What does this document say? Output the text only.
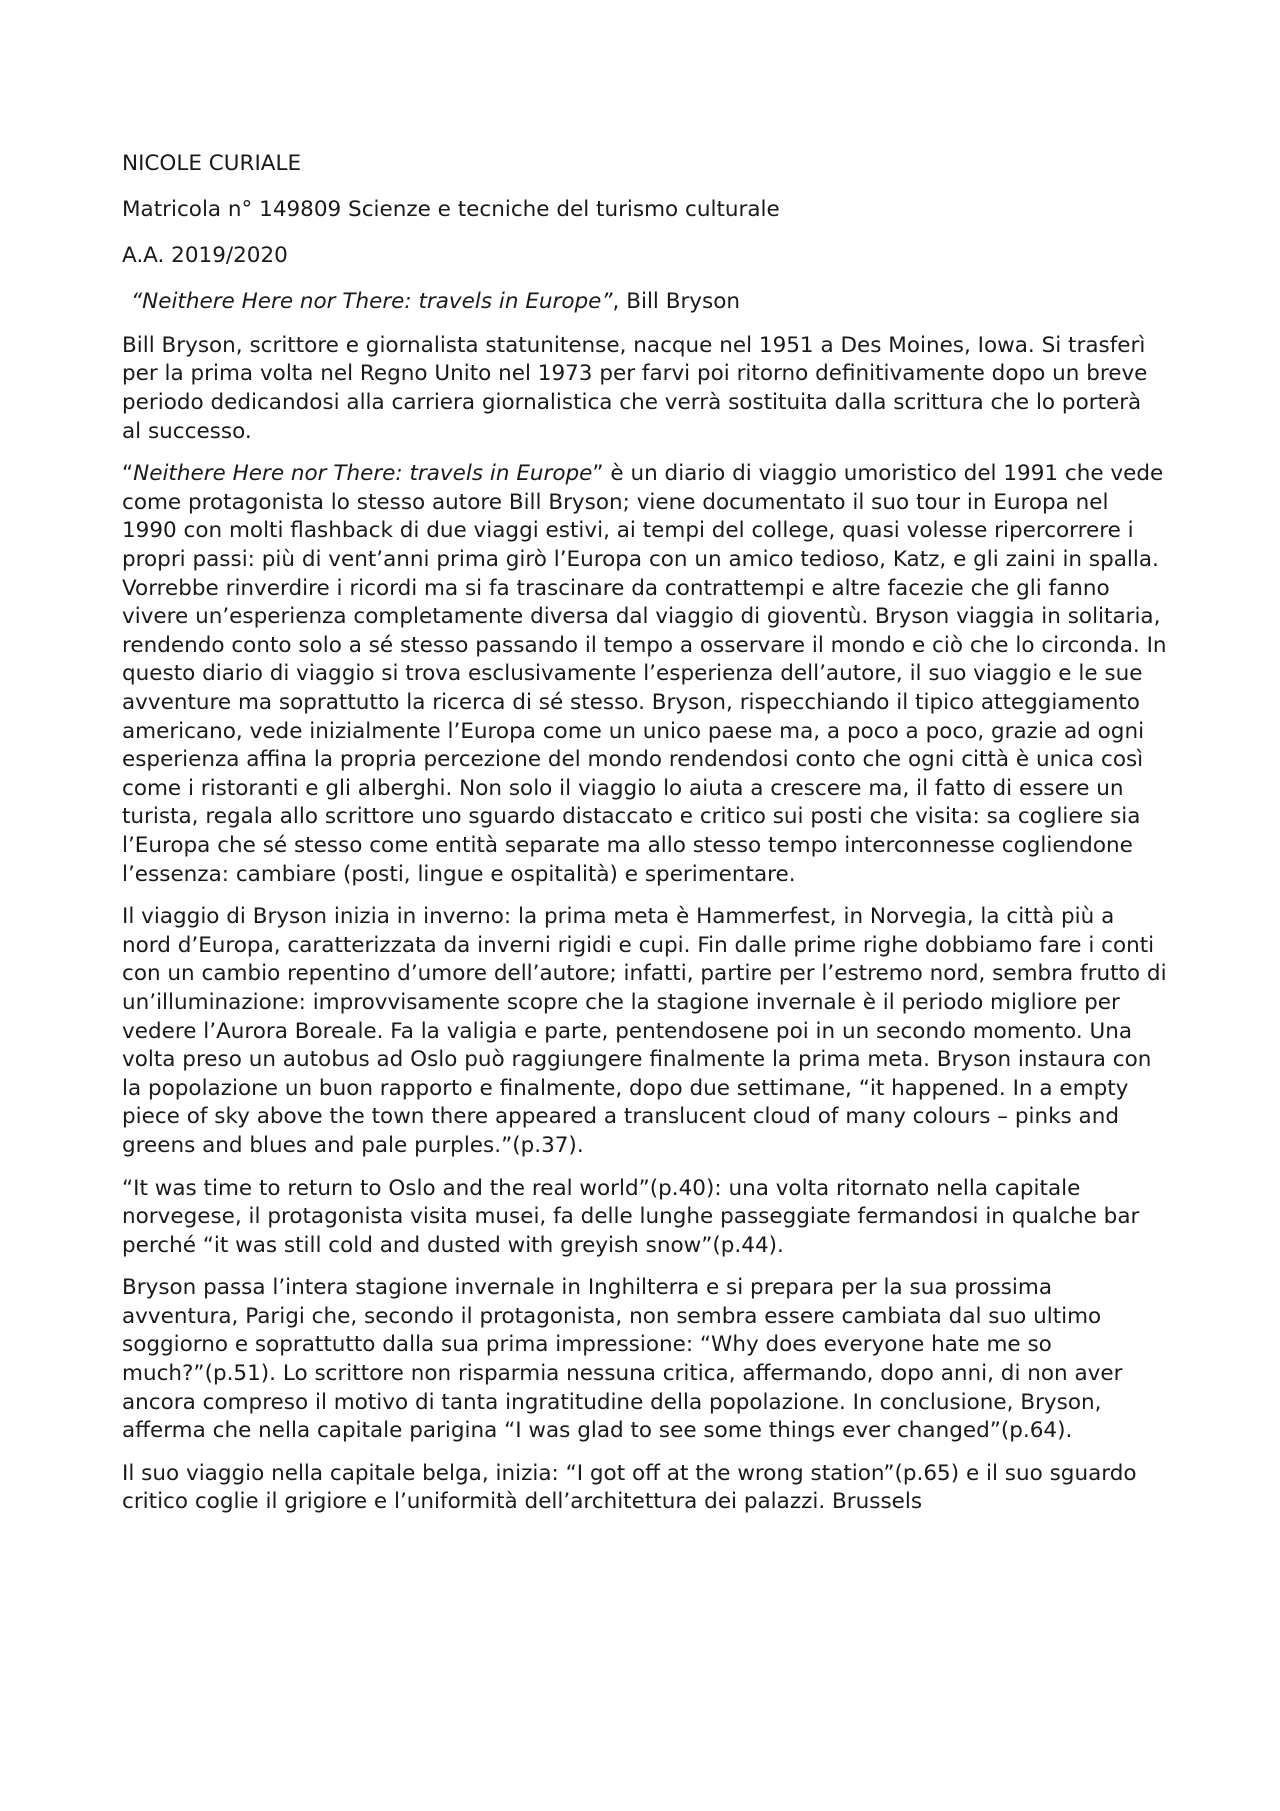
NICOLE CURIALE
Matricola n° 149809 Scienze e tecniche del turismo culturale
A.A. 2019/2020
“Neithere Here nor There: travels in Europe”, Bill Bryson

Bill Bryson, scrittore e giornalista statunitense, nacque nel 1951 a Des Moines, Iowa. Si trasferì per la prima volta nel Regno Unito nel 1973 per farvi poi ritorno definitivamente dopo un breve periodo dedicandosi alla carriera giornalistica che verrà sostituita dalla scrittura che lo porterà al successo.

“Neithere Here nor There: travels in Europe” è un diario di viaggio umoristico del 1991 che vede come protagonista lo stesso autore Bill Bryson; viene documentato il suo tour in Europa nel 1990 con molti flashback di due viaggi estivi, ai tempi del college, quasi volesse ripercorrere i propri passi: più di vent’anni prima girò l’Europa con un amico tedioso, Katz, e gli zaini in spalla. Vorrebbe rinverdire i ricordi ma si fa trascinare da contrattempi e altre facezie che gli fanno vivere un’esperienza completamente diversa dal viaggio di gioventù. Bryson viaggia in solitaria, rendendo conto solo a sé stesso passando il tempo a osservare il mondo e ciò che lo circonda. In questo diario di viaggio si trova esclusivamente l’esperienza dell’autore, il suo viaggio e le sue avventure ma soprattutto la ricerca di sé stesso. Bryson, rispecchiando il tipico atteggiamento americano, vede inizialmente l’Europa come un unico paese ma, a poco a poco, grazie ad ogni esperienza affina la propria percezione del mondo rendendosi conto che ogni città è unica così come i ristoranti e gli alberghi. Non solo il viaggio lo aiuta a crescere ma, il fatto di essere un turista, regala allo scrittore uno sguardo distaccato e critico sui posti che visita: sa cogliere sia l’Europa che sé stesso come entità separate ma allo stesso tempo interconnesse cogliendone l’essenza: cambiare (posti, lingue e ospitalità) e sperimentare.

Il viaggio di Bryson inizia in inverno: la prima meta è Hammerfest, in Norvegia, la città più a nord d’Europa, caratterizzata da inverni rigidi e cupi. Fin dalle prime righe dobbiamo fare i conti con un cambio repentino d’umore dell’autore; infatti, partire per l’estremo nord, sembra frutto di un’illuminazione: improvvisamente scopre che la stagione invernale è il periodo migliore per vedere l’Aurora Boreale. Fa la valigia e parte, pentendosene poi in un secondo momento. Una volta preso un autobus ad Oslo può raggiungere finalmente la prima meta. Bryson instaura con la popolazione un buon rapporto e finalmente, dopo due settimane, “it happened. In a empty piece of sky above the town there appeared a translucent cloud of many colours – pinks and greens and blues and pale purples.”(p.37).

“It was time to return to Oslo and the real world”(p.40): una volta ritornato nella capitale norvegese, il protagonista visita musei, fa delle lunghe passeggiate fermandosi in qualche bar perché “it was still cold and dusted with greyish snow”(p.44).

Bryson passa l’intera stagione invernale in Inghilterra e si prepara per la sua prossima avventura, Parigi che, secondo il protagonista, non sembra essere cambiata dal suo ultimo soggiorno e soprattutto dalla sua prima impressione: “Why does everyone hate me so much?”(p.51). Lo scrittore non risparmia nessuna critica, affermando, dopo anni, di non aver ancora compreso il motivo di tanta ingratitudine della popolazione. In conclusione, Bryson, afferma che nella capitale parigina “I was glad to see some things ever changed”(p.64).

Il suo viaggio nella capitale belga, inizia: “I got off at the wrong station”(p.65) e il suo sguardo critico coglie il grigiore e l’uniformità dell’architettura dei palazzi. Brussels
